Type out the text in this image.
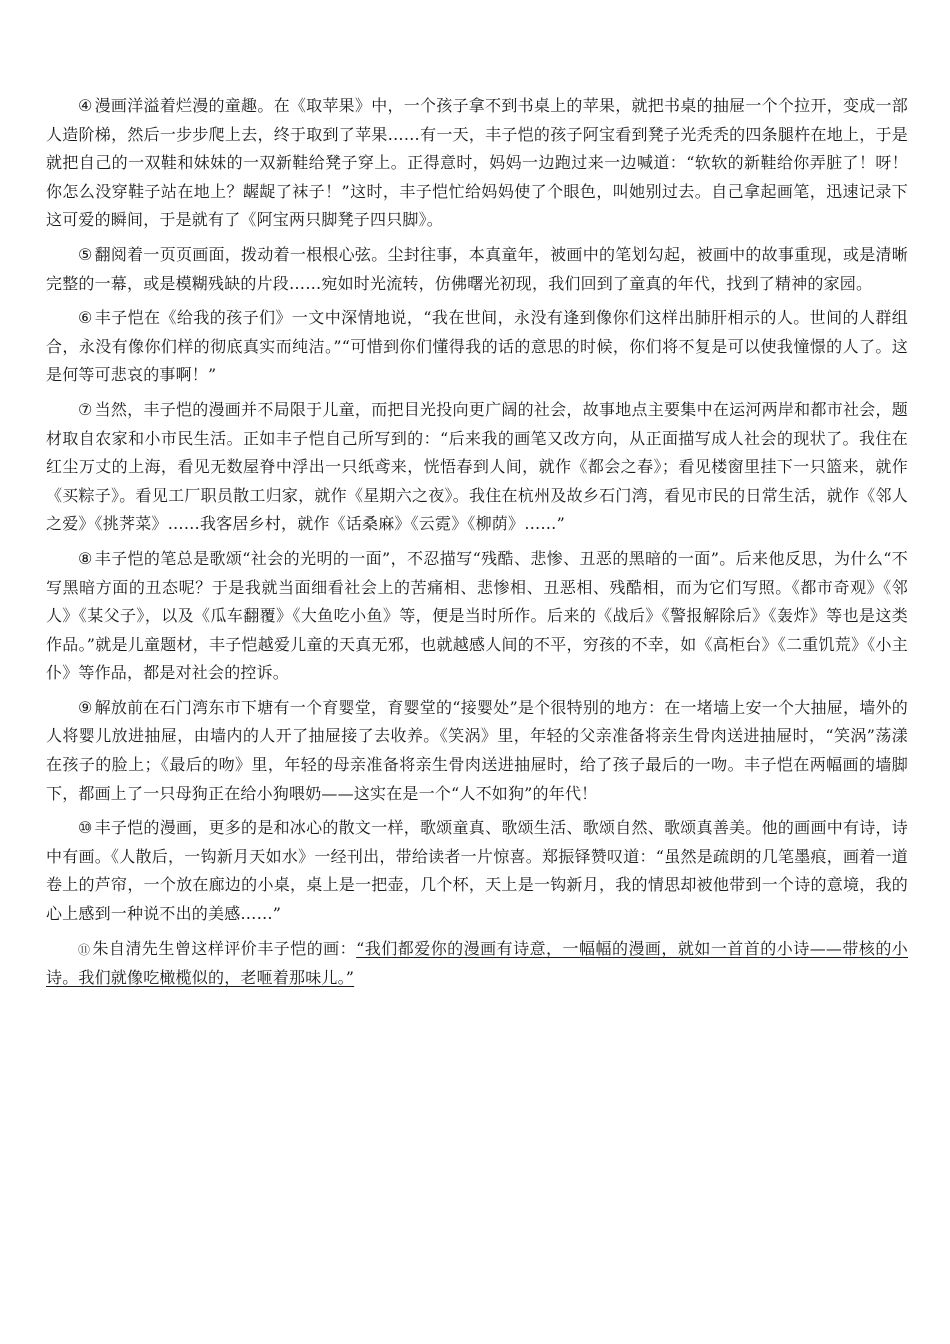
④ 漫画洋溢着烂漫的童趣。在《取苹果》中，一个孩子拿不到书桌上的苹果，就把书桌的抽屉一个个拉开，变成一部人造阶梯，然后一步步爬上去，终于取到了苹果……有一天，丰子恺的孩子阿宝看到凳子光秃秃的四条腿杵在地上，于是就把自己的一双鞋和妹妹的一双新鞋给凳子穿上。正得意时，妈妈一边跑过来一边喊道：“软软的新鞋给你弄脏了！呀！你怎么没穿鞋子站在地上？龌龊了袜子！”这时，丰子恺忙给妈妈使了个眼色，叫她别过去。自己拿起画笔，迅速记录下这可爱的瞬间，于是就有了《阿宝两只脚凳子四只脚》。

⑤ 翻阅着一页页画面，拨动着一根根心弦。尘封往事，本真童年，被画中的笔划勾起，被画中的故事重现，或是清晰完整的一幕，或是模糊残缺的片段……宛如时光流转，仿佛曙光初现，我们回到了童真的年代，找到了精神的家园。

⑥ 丰子恺在《给我的孩子们》一文中深情地说，“我在世间，永没有逢到像你们这样出肺肝相示的人。世间的人群组合，永没有像你们样的彻底真实而纯洁。”“可惜到你们懂得我的话的意思的时候，你们将不复是可以使我憧憬的人了。这是何等可悲哀的事啊！”

⑦ 当然，丰子恺的漫画并不局限于儿童，而把目光投向更广阔的社会，故事地点主要集中在运河两岸和都市社会，题材取自农家和小市民生活。正如丰子恺自己所写到的：“后来我的画笔又改方向，从正面描写成人社会的现状了。我住在红尘万丈的上海，看见无数屋脊中浮出一只纸鸢来，恍悟春到人间，就作《都会之春》；看见楼窗里挂下一只篮来，就作《买粽子》。看见工厂职员散工归家，就作《星期六之夜》。我住在杭州及故乡石门湾，看见市民的日常生活，就作《邻人之爱》《挑荠菜》……我客居乡村，就作《话桑麻》《云霓》《柳荫》……”

⑧ 丰子恺的笔总是歌颂“社会的光明的一面”，不忍描写“残酷、悲惨、丑恶的黑暗的一面”。后来他反思，为什么“不写黑暗方面的丑态呢？于是我就当面细看社会上的苦痛相、悲惨相、丑恶相、残酷相，而为它们写照。《都市奇观》《邻人》《某父子》，以及《瓜车翻覆》《大鱼吃小鱼》等，便是当时所作。后来的《战后》《警报解除后》《轰炸》等也是这类作品。”就是儿童题材，丰子恺越爱儿童的天真无邪，也就越感人间的不平，穷孩的不幸，如《高柜台》《二重饥荒》《小主仆》等作品，都是对社会的控诉。

⑨ 解放前在石门湾东市下塘有一个育婴堂，育婴堂的“接婴处”是个很特别的地方：在一堵墙上安一个大抽屉，墙外的人将婴儿放进抽屉，由墙内的人开了抽屉接了去收养。《笑涡》里，年轻的父亲准备将亲生骨肉送进抽屉时，“笑涡”荡漾在孩子的脸上；《最后的吻》里，年轻的母亲准备将亲生骨肉送进抽屉时，给了孩子最后的一吻。丰子恺在两幅画的墙脚下，都画上了一只母狗正在给小狗喂奶——这实在是一个“人不如狗”的年代！

⑩ 丰子恺的漫画，更多的是和冰心的散文一样，歌颂童真、歌颂生活、歌颂自然、歌颂真善美。他的画画中有诗，诗中有画。《人散后，一钩新月天如水》一经刊出，带给读者一片惊喜。郑振铎赞叹道：“虽然是疏朗的几笔墨痕，画着一道卷上的芦帘，一个放在廊边的小桌，桌上是一把壶，几个杯，天上是一钩新月，我的情思却被他带到一个诗的意境，我的心上感到一种说不出的美感……”

⑪ 朱自清先生曾这样评价丰子恺的画：“我们都爱你的漫画有诗意，一幅幅的漫画，就如一首首的小诗——带核的小诗。我们就像吃橄榄似的，老咂着那味儿。”
